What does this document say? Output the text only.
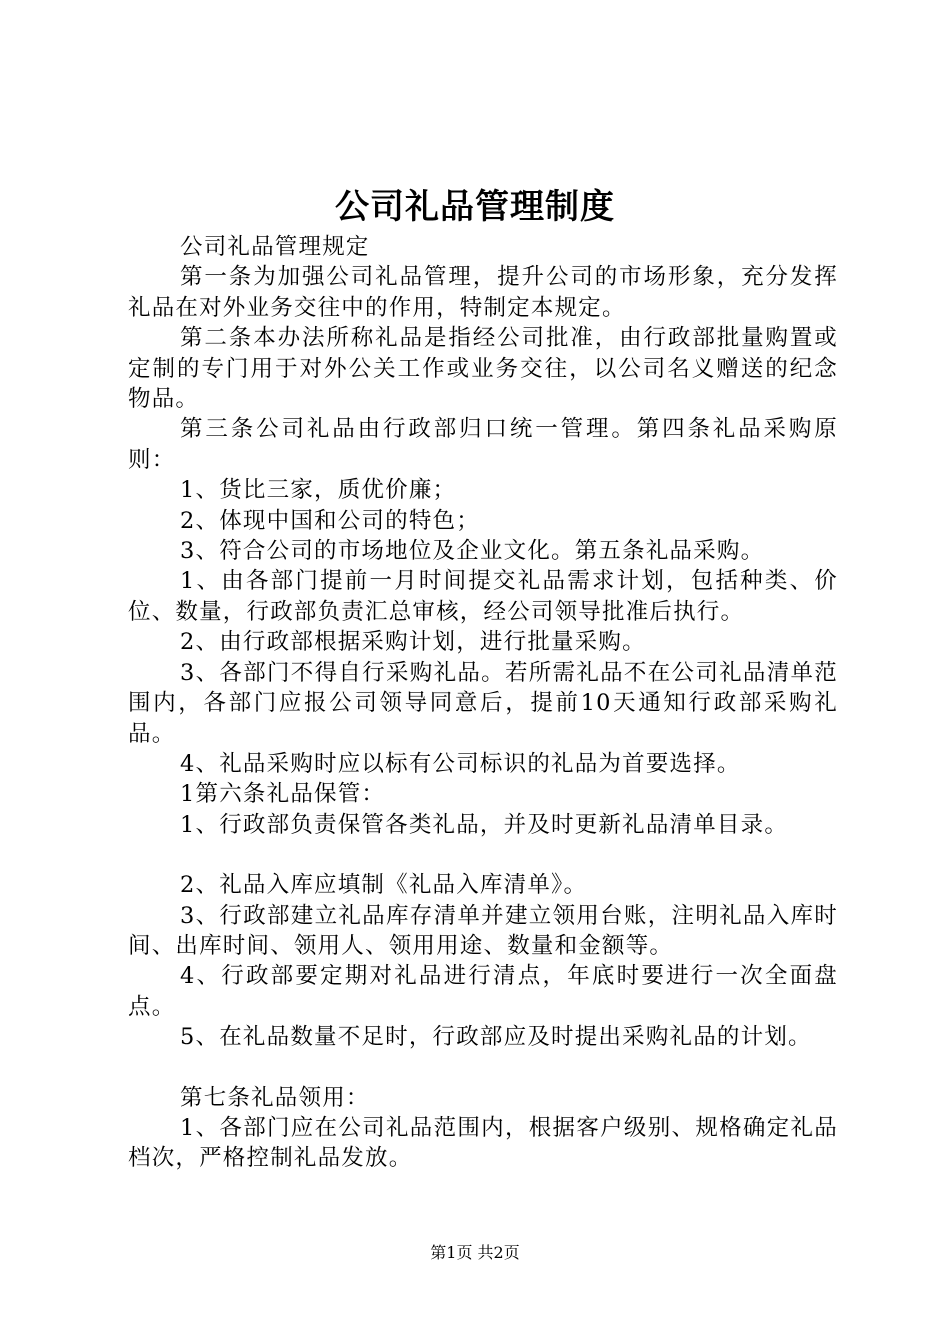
公司礼品管理制度

公司礼品管理规定

第一条为加强公司礼品管理，提升公司的市场形象，充分发挥礼品在对外业务交往中的作用，特制定本规定。

第二条本办法所称礼品是指经公司批准，由行政部批量购置或定制的专门用于对外公关工作或业务交往，以公司名义赠送的纪念物品。

第三条公司礼品由行政部归口统一管理。第四条礼品采购原则：

1、货比三家，质优价廉；

2、体现中国和公司的特色；

3、符合公司的市场地位及企业文化。第五条礼品采购。

1、由各部门提前一月时间提交礼品需求计划，包括种类、价位、数量，行政部负责汇总审核，经公司领导批准后执行。

2、由行政部根据采购计划，进行批量采购。

3、各部门不得自行采购礼品。若所需礼品不在公司礼品清单范围内，各部门应报公司领导同意后，提前10天通知行政部采购礼品。

4、礼品采购时应以标有公司标识的礼品为首要选择。

1第六条礼品保管：

1、行政部负责保管各类礼品，并及时更新礼品清单目录。

2、礼品入库应填制《礼品入库清单》。

3、行政部建立礼品库存清单并建立领用台账，注明礼品入库时间、出库时间、领用人、领用用途、数量和金额等。

4、行政部要定期对礼品进行清点，年底时要进行一次全面盘点。

5、在礼品数量不足时，行政部应及时提出采购礼品的计划。

第七条礼品领用：

1、各部门应在公司礼品范围内，根据客户级别、规格确定礼品档次，严格控制礼品发放。

第1页 共2页
